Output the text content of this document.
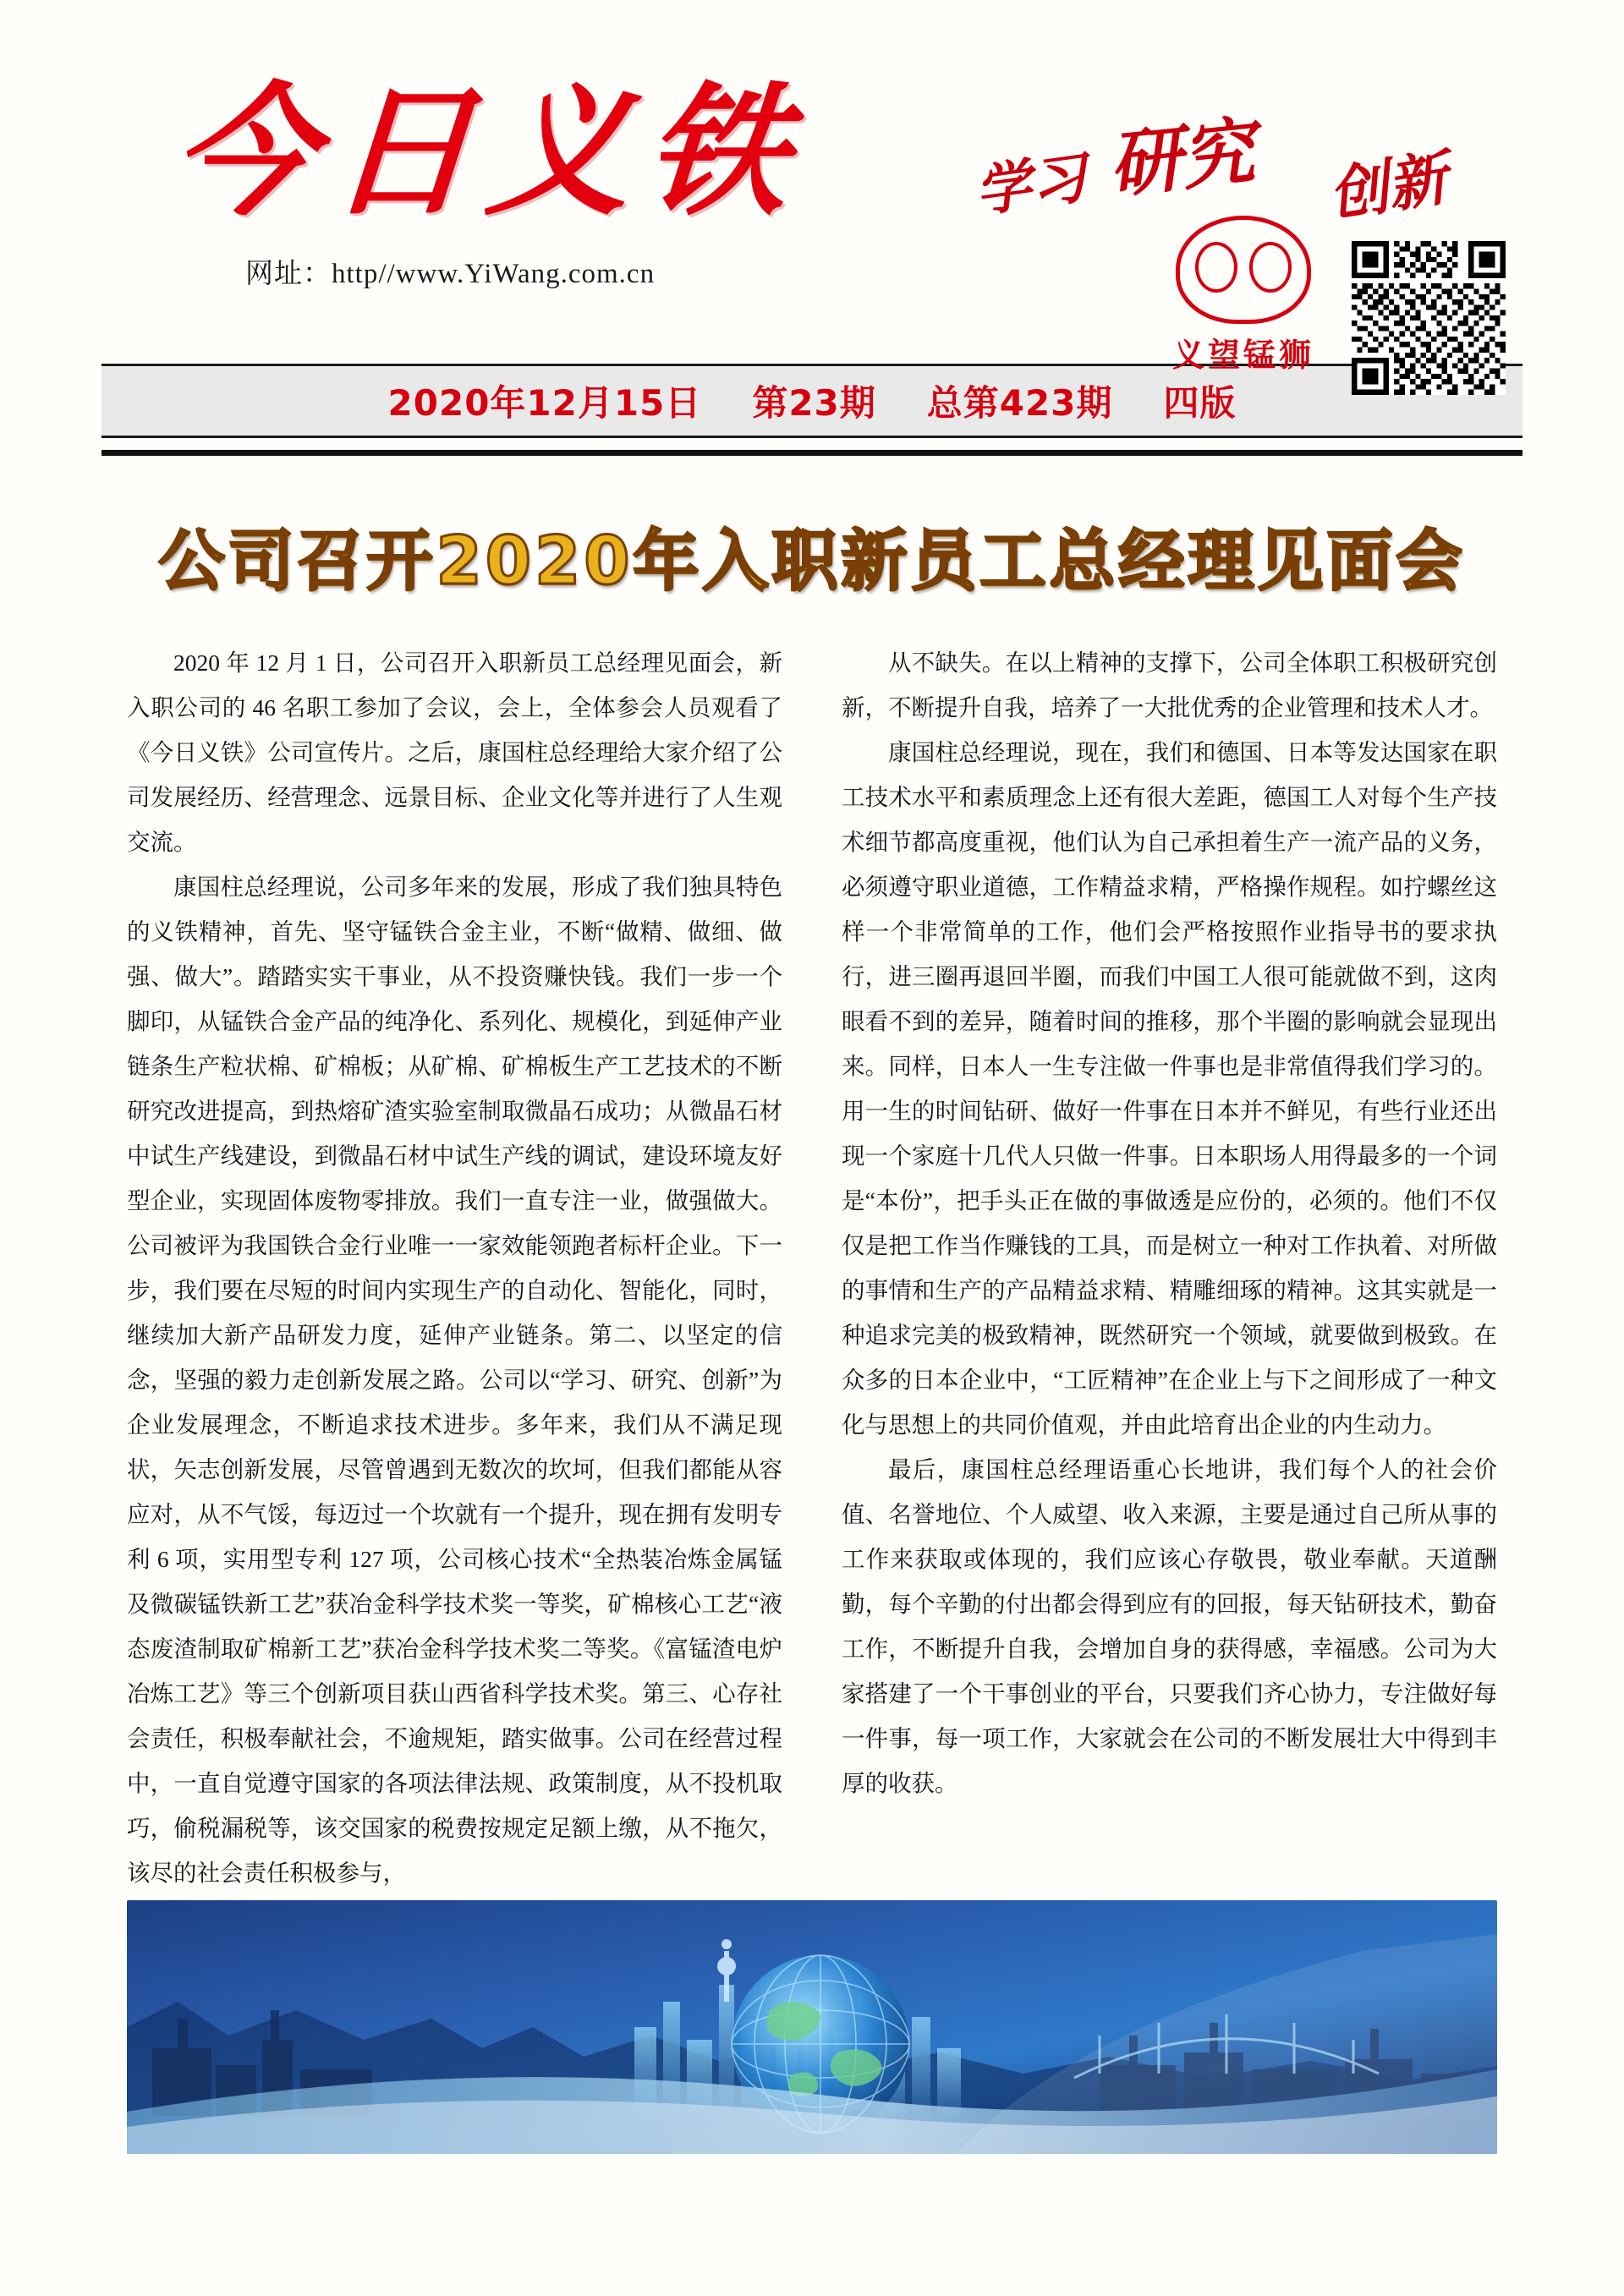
今日义铁
网址：http//www.YiWang.com.cn
学习 研究 创新
义望锰狮
2020年12月15日 第23期 总第423期 四版
公司召开2020年入职新员工总经理见面会

2020 年 12 月 1 日，公司召开入职新员工总经理见面会，新入职公司的 46 名职工参加了会议，会上，全体参会人员观看了《今日义铁》公司宣传片。之后，康国柱总经理给大家介绍了公司发展经历、经营理念、远景目标、企业文化等并进行了人生观交流。

康国柱总经理说，公司多年来的发展，形成了我们独具特色的义铁精神，首先、坚守锰铁合金主业，不断“做精、做细、做强、做大”。踏踏实实干事业，从不投资赚快钱。我们一步一个脚印，从锰铁合金产品的纯净化、系列化、规模化，到延伸产业链条生产粒状棉、矿棉板；从矿棉、矿棉板生产工艺技术的不断研究改进提高，到热熔矿渣实验室制取微晶石成功；从微晶石材中试生产线建设，到微晶石材中试生产线的调试，建设环境友好型企业，实现固体废物零排放。我们一直专注一业，做强做大。公司被评为我国铁合金行业唯一一家效能领跑者标杆企业。下一步，我们要在尽短的时间内实现生产的自动化、智能化，同时，继续加大新产品研发力度，延伸产业链条。第二、以坚定的信念，坚强的毅力走创新发展之路。公司以“学习、研究、创新”为企业发展理念，不断追求技术进步。多年来，我们从不满足现状，矢志创新发展，尽管曾遇到无数次的坎坷，但我们都能从容应对，从不气馁，每迈过一个坎就有一个提升，现在拥有发明专利 6 项，实用型专利 127 项，公司核心技术“全热装冶炼金属锰及微碳锰铁新工艺”获冶金科学技术奖一等奖，矿棉核心工艺“液态废渣制取矿棉新工艺”获冶金科学技术奖二等奖。《富锰渣电炉冶炼工艺》等三个创新项目获山西省科学技术奖。第三、心存社会责任，积极奉献社会，不逾规矩，踏实做事。公司在经营过程中，一直自觉遵守国家的各项法律法规、政策制度，从不投机取巧，偷税漏税等，该交国家的税费按规定足额上缴，从不拖欠，该尽的社会责任积极参与，

从不缺失。在以上精神的支撑下，公司全体职工积极研究创新，不断提升自我，培养了一大批优秀的企业管理和技术人才。

康国柱总经理说，现在，我们和德国、日本等发达国家在职工技术水平和素质理念上还有很大差距，德国工人对每个生产技术细节都高度重视，他们认为自己承担着生产一流产品的义务，必须遵守职业道德，工作精益求精，严格操作规程。如拧螺丝这样一个非常简单的工作，他们会严格按照作业指导书的要求执行，进三圈再退回半圈，而我们中国工人很可能就做不到，这肉眼看不到的差异，随着时间的推移，那个半圈的影响就会显现出来。同样，日本人一生专注做一件事也是非常值得我们学习的。用一生的时间钻研、做好一件事在日本并不鲜见，有些行业还出现一个家庭十几代人只做一件事。日本职场人用得最多的一个词是“本份”，把手头正在做的事做透是应份的，必须的。他们不仅仅是把工作当作赚钱的工具，而是树立一种对工作执着、对所做的事情和生产的产品精益求精、精雕细琢的精神。这其实就是一种追求完美的极致精神，既然研究一个领域，就要做到极致。在众多的日本企业中，“工匠精神”在企业上与下之间形成了一种文化与思想上的共同价值观，并由此培育出企业的内生动力。

最后，康国柱总经理语重心长地讲，我们每个人的社会价值、名誉地位、个人威望、收入来源，主要是通过自己所从事的工作来获取或体现的，我们应该心存敬畏，敬业奉献。天道酬勤，每个辛勤的付出都会得到应有的回报，每天钻研技术，勤奋工作，不断提升自我，会增加自身的获得感，幸福感。公司为大家搭建了一个干事创业的平台，只要我们齐心协力，专注做好每一件事，每一项工作，大家就会在公司的不断发展壮大中得到丰厚的收获。
